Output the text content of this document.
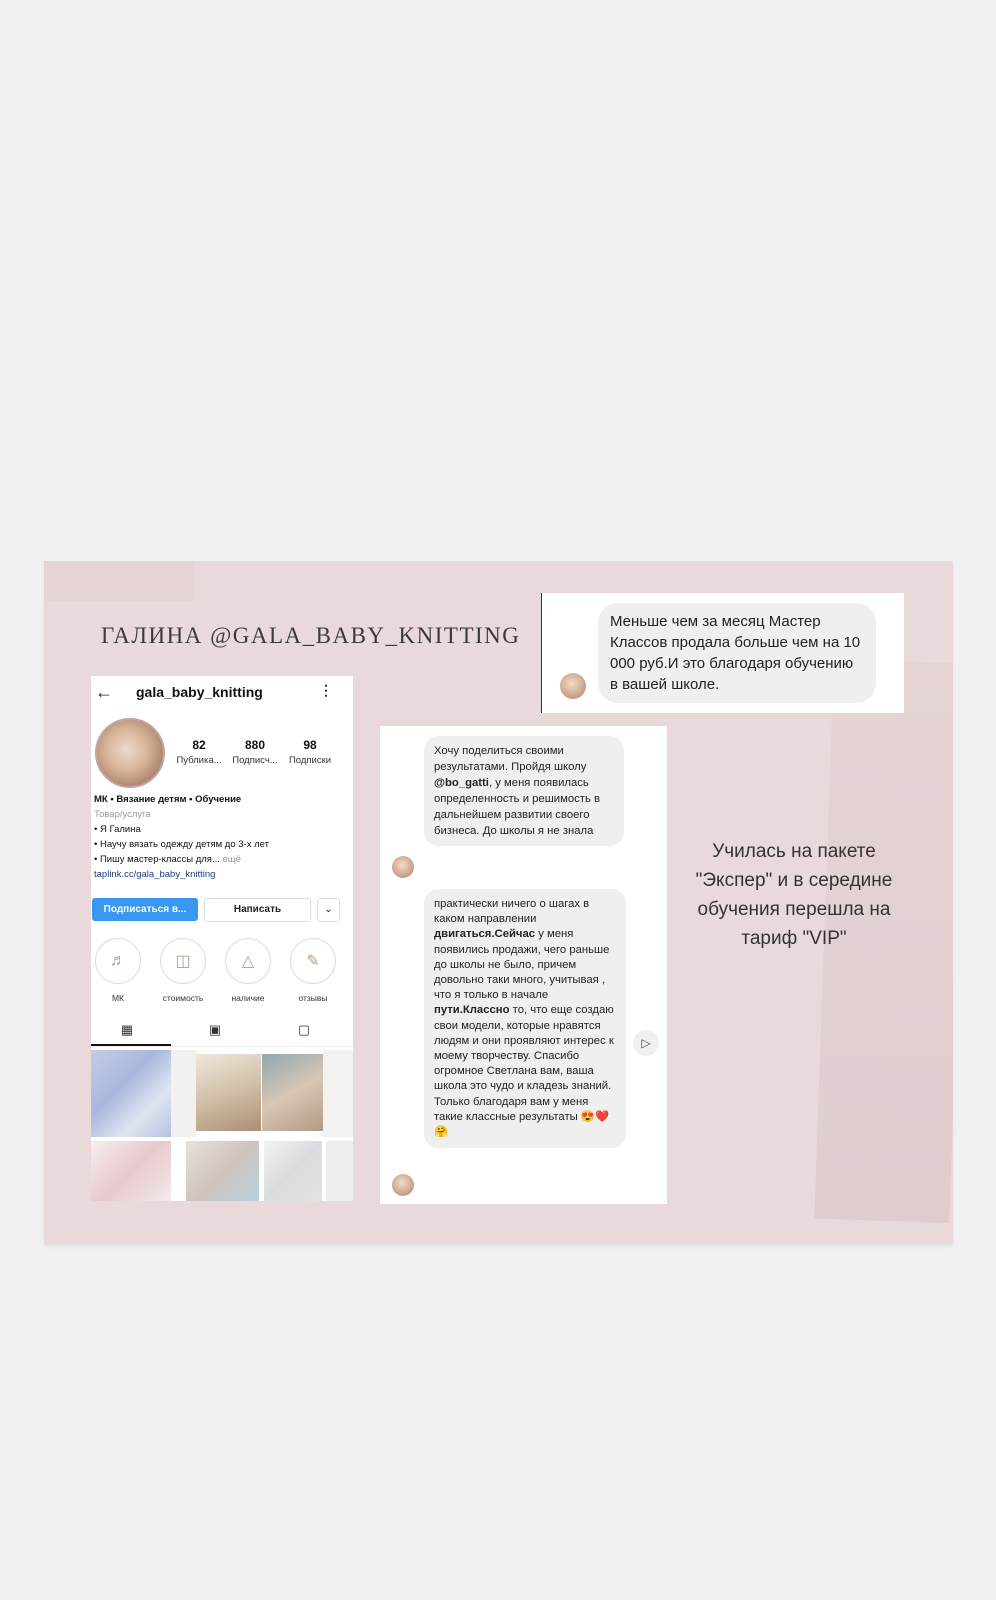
ГАЛИНА @GALA_BABY_KNITTING
← gala_baby_knitting	⋮
82
Публика...
880
Подписч...
98
Подписки
МК • Вязание детям • Обучение
Товар/услуга
• Я Галина
• Научу вязать одежду детям до 3-х лет
• Пишу мастер-классы для... ещё
taplink.cc/gala_baby_knitting
Подписаться в...	Написать	⌄
♬
МК
◫
стоимость
△
наличие
✎
отзывы
▦	▣	▢
Меньше чем за месяц Мастер Классов продала больше чем на 10 000 руб.И это благодаря обучению в вашей школе.
Хочу поделиться своими результатами. Пройдя школу @bo_gatti, у меня появилась определенность и решимость в дальнейшем развитии своего бизнеса. До школы я не знала
практически ничего о шагах в каком направлении двигаться.Сейчас у меня появились продажи, чего раньше до школы не было, причем довольно таки много, учитывая , что я только в начале пути.Классно то, что еще создаю свои модели, которые нравятся людям и они проявляют интерес к моему творчеству. Спасибо огромное Светлана вам, ваша школа это чудо и кладезь знаний. Только благодаря вам у меня такие классные результаты 😍❤️🤗
▷
Училась на пакете "Экспер" и в середине обучения перешла на тариф "VIP"
